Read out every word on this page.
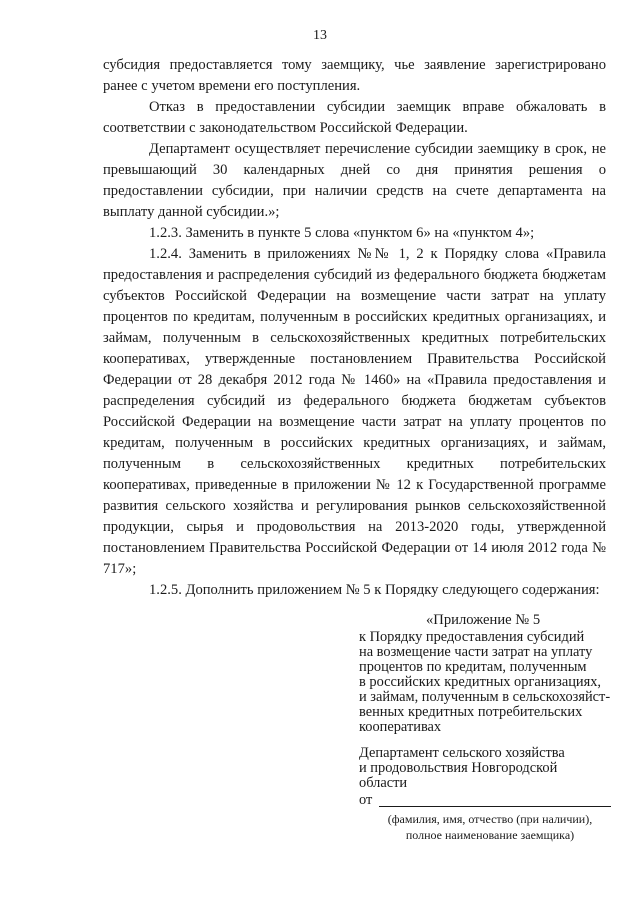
13

субсидия предоставляется тому заемщику, чье заявление зарегистрировано ранее с учетом времени его поступления.

Отказ в предоставлении субсидии заемщик вправе обжаловать в соответствии с законодательством Российской Федерации.

Департамент осуществляет перечисление субсидии заемщику в срок, не превышающий 30 календарных дней со дня принятия решения о предоставлении субсидии, при наличии средств на счете департамента на выплату данной субсидии.»;

1.2.3. Заменить в пункте 5 слова «пунктом 6» на «пунктом 4»;

1.2.4. Заменить в приложениях №№ 1, 2 к Порядку слова «Правила предоставления и распределения субсидий из федерального бюджета бюджетам субъектов Российской Федерации на возмещение части затрат на уплату процентов по кредитам, полученным в российских кредитных организациях, и займам, полученным в сельскохозяйственных кредитных потребительских кооперативах, утвержденные постановлением Правительства Российской Федерации от 28 декабря 2012 года № 1460» на «Правила предоставления и распределения субсидий из федерального бюджета бюджетам субъектов Российской Федерации на возмещение части затрат на уплату процентов по кредитам, полученным в российских кредитных организациях, и займам, полученным в сельскохозяйственных кредитных потребительских кооперативах, приведенные в приложении № 12 к Государственной программе развития сельского хозяйства и регулирования рынков сельскохозяйственной продукции, сырья и продовольствия на 2013-2020 годы, утвержденной постановлением Правительства Российской Федерации от 14 июля 2012 года № 717»;

1.2.5. Дополнить приложением № 5 к Порядку следующего содержания:

«Приложение № 5
к Порядку предоставления субсидий
на возмещение части затрат на уплату
процентов по кредитам, полученным
в российских кредитных организациях,
и займам, полученным в сельскохозяйст-
венных кредитных потребительских
кооперативах
Департамент сельского хозяйства
и продовольствия Новгородской
области
от
(фамилия, имя, отчество (при наличии),
полное наименование заемщика)
